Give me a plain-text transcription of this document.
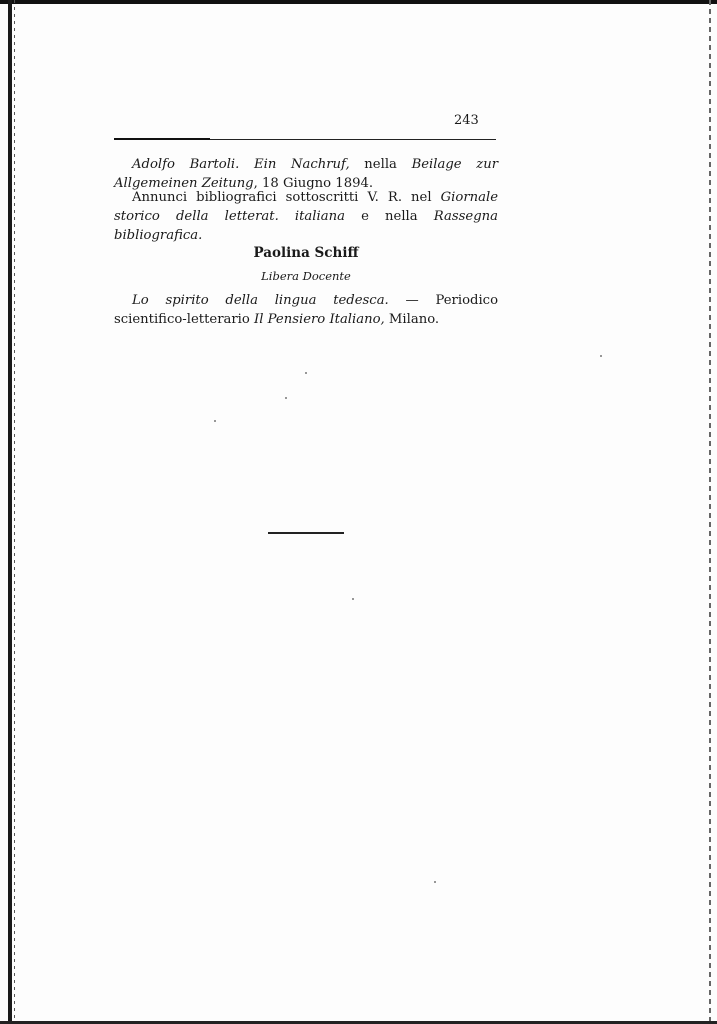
243
Adolfo Bartoli. Ein Nachruf, nella Beilage zur Allgemeinen Zeitung, 18 Giugno 1894.
Annunci bibliografici sottoscritti V. R. nel Giornale storico della letterat. italiana e nella Rassegna bibliografica.
Paolina Schiff
Libera Docente
Lo spirito della lingua tedesca. — Periodico scientifico-letterario Il Pensiero Italiano, Milano.
